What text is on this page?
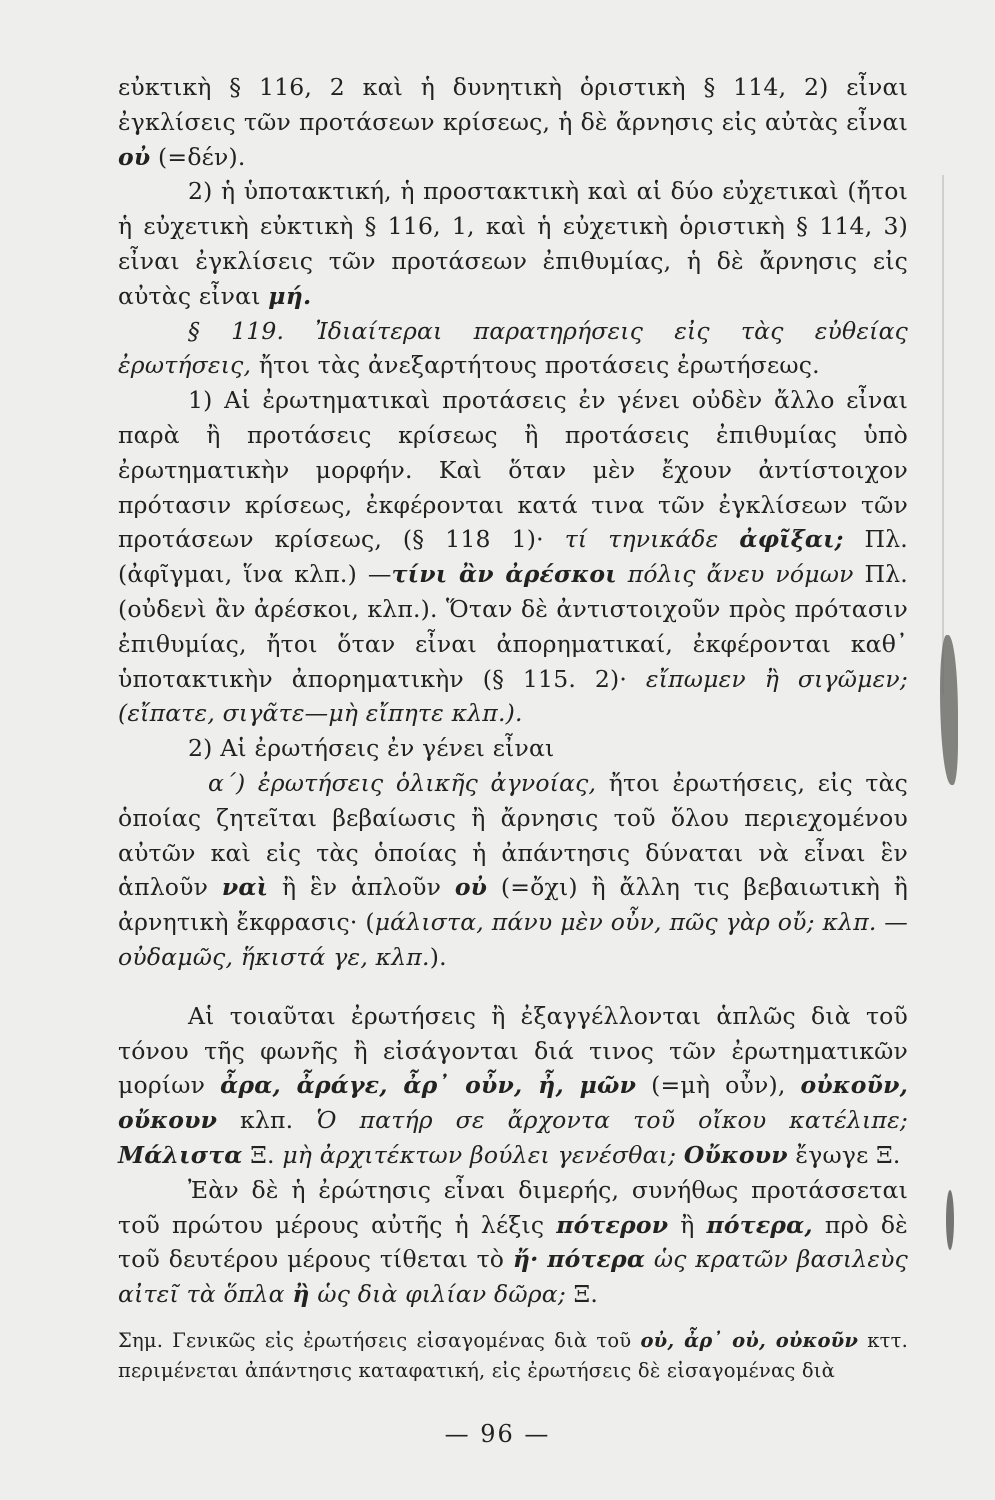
εὐκτικὴ § 116, 2 καὶ ἡ δυνητικὴ ὁριστικὴ § 114, 2) εἶναι ἐγκλίσεις τῶν προτάσεων κρίσεως, ἡ δὲ ἄρνησις εἰς αὐτὰς εἶναι οὐ (=δέν).

2) ἡ ὑποτακτική, ἡ προστακτικὴ καὶ αἱ δύο εὐχετικαὶ (ἤτοι ἡ εὐχετικὴ εὐκτικὴ § 116, 1, καὶ ἡ εὐχετικὴ ὁριστικὴ § 114, 3) εἶναι ἐγκλίσεις τῶν προτάσεων ἐπιθυμίας, ἡ δὲ ἄρνησις εἰς αὐτὰς εἶναι μή.

§ 119. Ἰδιαίτεραι παρατηρήσεις εἰς τὰς εὐθείας ἐρωτήσεις, ἤτοι τὰς ἀνεξαρτήτους προτάσεις ἐρωτήσεως.

1) Αἱ ἐρωτηματικαὶ προτάσεις ἐν γένει οὐδὲν ἄλλο εἶναι παρὰ ἢ προτάσεις κρίσεως ἢ προτάσεις ἐπιθυμίας ὑπὸ ἐρωτηματικὴν μορφήν. Καὶ ὅταν μὲν ἔχουν ἀντίστοιχον πρότασιν κρίσεως, ἐκφέρονται κατά τινα τῶν ἐγκλίσεων τῶν προτάσεων κρίσεως, (§ 118 1)· τί τηνικάδε ἀφῖξαι; Πλ. (ἀφῖγμαι, ἵνα κλπ.) —τίνι ἂν ἀρέσκοι πόλις ἄνευ νόμων Πλ. (οὐδενὶ ἂν ἀρέσκοι, κλπ.). Ὅταν δὲ ἀντιστοιχοῦν πρὸς πρότασιν ἐπιθυμίας, ἤτοι ὅταν εἶναι ἀπορηματικαί, ἐκφέρονται καθ᾽ ὑποτακτικὴν ἀπορηματικὴν (§ 115. 2)· εἴπωμεν ἢ σιγῶμεν; (εἴπατε, σιγᾶτε—μὴ εἴπητε κλπ.).

2) Αἱ ἐρωτήσεις ἐν γένει εἶναι

α´) ἐρωτήσεις ὁλικῆς ἀγνοίας, ἤτοι ἐρωτήσεις, εἰς τὰς ὁποίας ζητεῖται βεβαίωσις ἢ ἄρνησις τοῦ ὅλου περιεχομένου αὐτῶν καὶ εἰς τὰς ὁποίας ἡ ἀπάντησις δύναται νὰ εἶναι ἓν ἁπλοῦν ναὶ ἢ ἓν ἁπλοῦν οὐ (=ὄχι) ἢ ἄλλη τις βεβαιωτικὴ ἢ ἀρνητικὴ ἔκφρασις· (μάλιστα, πάνυ μὲν οὖν, πῶς γὰρ οὔ; κλπ. —οὐδαμῶς, ἥκιστά γε, κλπ.).

Αἱ τοιαῦται ἐρωτήσεις ἢ ἐξαγγέλλονται ἁπλῶς διὰ τοῦ τόνου τῆς φωνῆς ἢ εἰσάγονται διά τινος τῶν ἐρωτηματικῶν μορίων ἆρα, ἆράγε, ἆρ᾽ οὖν, ἦ, μῶν (=μὴ οὖν), οὐκοῦν, οὔκουν κλπ. Ὁ πατήρ σε ἄρχοντα τοῦ οἴκου κατέλιπε; Μάλιστα Ξ. μὴ ἀρχιτέκτων βούλει γενέσθαι; Οὔκουν ἔγωγε Ξ.

Ἐὰν δὲ ἡ ἐρώτησις εἶναι διμερής, συνήθως προτάσσεται τοῦ πρώτου μέρους αὐτῆς ἡ λέξις πότερον ἢ πότερα, πρὸ δὲ τοῦ δευτέρου μέρους τίθεται τὸ ἤ· πότερα ὡς κρατῶν βασιλεὺς αἰτεῖ τὰ ὅπλα ἢ ὡς διὰ φιλίαν δῶρα; Ξ.

Σημ. Γενικῶς εἰς ἐρωτήσεις εἰσαγομένας διὰ τοῦ οὐ, ἆρ᾽ οὐ, οὐκοῦν κττ. περιμένεται ἀπάντησις καταφατική, εἰς ἐρωτήσεις δὲ εἰσαγομένας διὰ

— 96 —
